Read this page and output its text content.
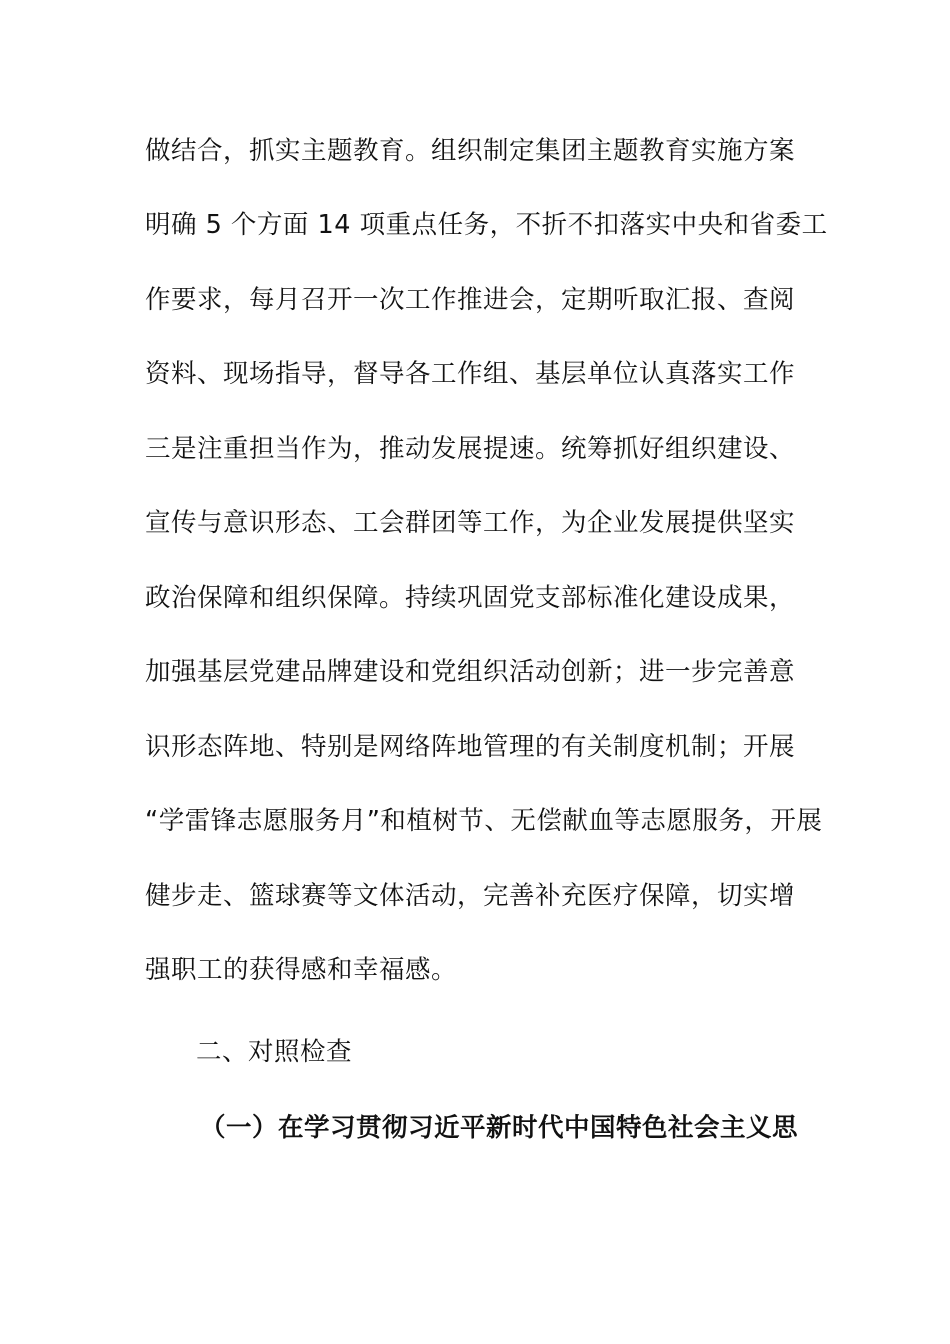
做结合，抓实主题教育。组织制定集团主题教育实施方案
明确 5 个方面 14 项重点任务，不折不扣落实中央和省委工
作要求，每月召开一次工作推进会，定期听取汇报、查阅
资料、现场指导，督导各工作组、基层单位认真落实工作
三是注重担当作为，推动发展提速。统筹抓好组织建设、
宣传与意识形态、工会群团等工作，为企业发展提供坚实
政治保障和组织保障。持续巩固党支部标准化建设成果，
加强基层党建品牌建设和党组织活动创新；进一步完善意
识形态阵地、特别是网络阵地管理的有关制度机制；开展
“学雷锋志愿服务月”和植树节、无偿献血等志愿服务，开展
健步走、篮球赛等文体活动，完善补充医疗保障，切实增
强职工的获得感和幸福感。
二、对照检查
（一）在学习贯彻习近平新时代中国特色社会主义思
